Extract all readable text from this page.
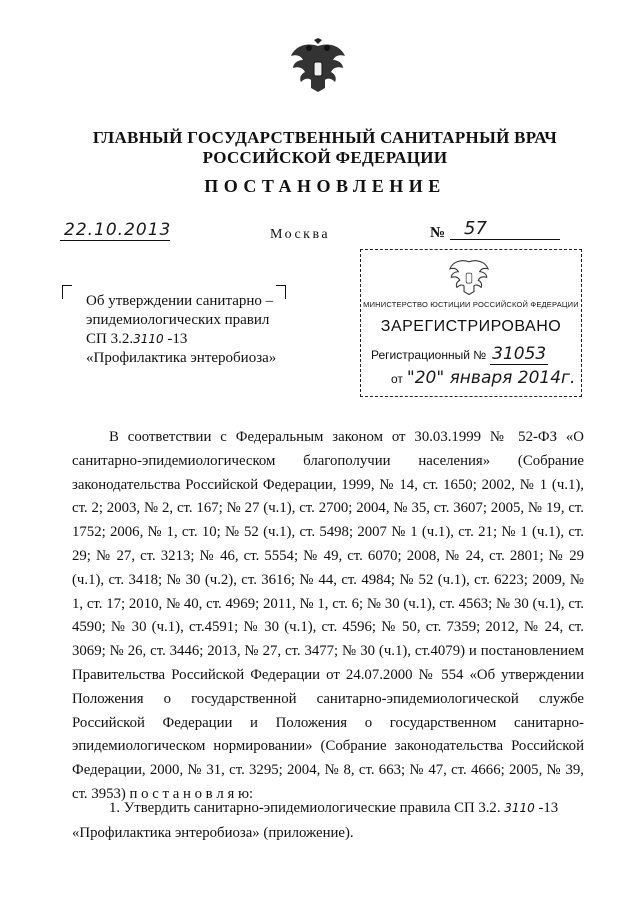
ГЛАВНЫЙ ГОСУДАРСТВЕННЫЙ САНИТАРНЫЙ ВРАЧ
РОССИЙСКОЙ ФЕДЕРАЦИИ
ПОСТАНОВЛЕНИЕ
22.10.2013	Москва	№ 57
Об утверждении санитарно –
эпидемиологических правил
СП 3.2.3110 -13
«Профилактика энтеробиоза»
МИНИСТЕРСТВО ЮСТИЦИИ РОССИЙСКОЙ ФЕДЕРАЦИИ
ЗАРЕГИСТРИРОВАНО
Регистрационный № 31053
от "20" января 2014г.
В соответствии с Федеральным законом от 30.03.1999 № 52-ФЗ «О санитарно-эпидемиологическом благополучии населения» (Собрание законодательства Российской Федерации, 1999, № 14, ст. 1650; 2002, № 1 (ч.1), ст. 2; 2003, № 2, ст. 167; № 27 (ч.1), ст. 2700; 2004, № 35, ст. 3607; 2005, № 19, ст. 1752; 2006, № 1, ст. 10; № 52 (ч.1), ст. 5498; 2007 № 1 (ч.1), ст. 21; № 1 (ч.1), ст. 29; № 27, ст. 3213; № 46, ст. 5554; № 49, ст. 6070; 2008, № 24, ст. 2801; № 29 (ч.1), ст. 3418; № 30 (ч.2), ст. 3616; № 44, ст. 4984; № 52 (ч.1), ст. 6223; 2009, № 1, ст. 17; 2010, № 40, ст. 4969; 2011, № 1, ст. 6; № 30 (ч.1), ст. 4563; № 30 (ч.1), ст. 4590; № 30 (ч.1), ст.4591; № 30 (ч.1), ст. 4596; № 50, ст. 7359; 2012, № 24, ст. 3069; № 26, ст. 3446; 2013, № 27, ст. 3477; № 30 (ч.1), ст.4079) и постановлением Правительства Российской Федерации от 24.07.2000 № 554 «Об утверждении Положения о государственной санитарно-эпидемиологической службе Российской Федерации и Положения о государственном санитарно-эпидемиологическом нормировании» (Собрание законодательства Российской Федерации, 2000, № 31, ст. 3295; 2004, № 8, ст. 663; № 47, ст. 4666; 2005, № 39, ст. 3953) п о с т а н о в л я ю:
1. Утвердить санитарно-эпидемиологические правила СП 3.2. 3110 -13
«Профилактика энтеробиоза» (приложение).
